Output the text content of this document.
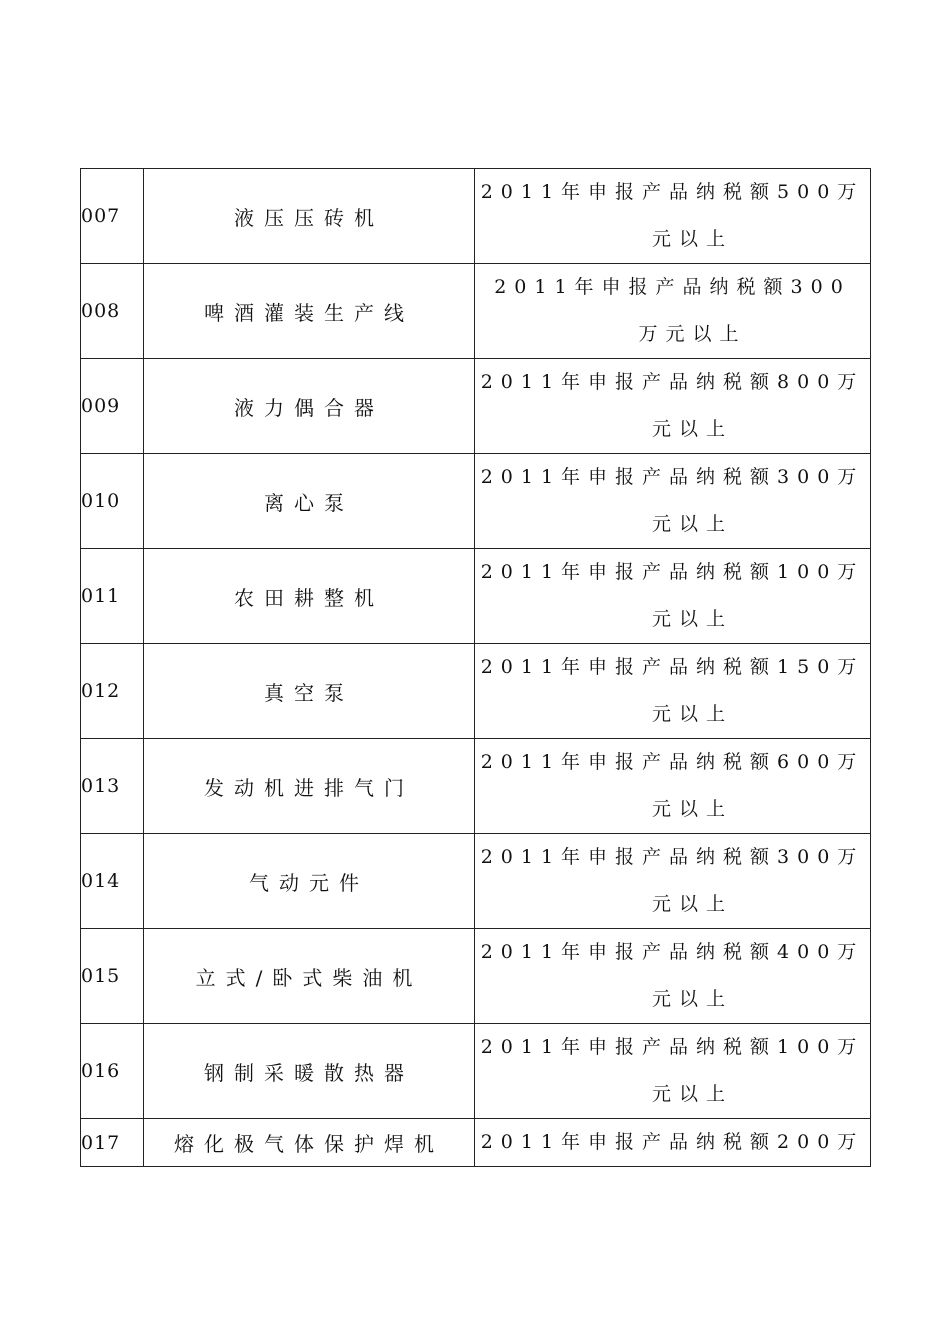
007	液压压砖机	2011年申报产品纳税额500万
元以上

008	啤酒灌装生产线	2011年申报产品纳税额300
万元以上

009	液力偶合器	2011年申报产品纳税额800万
元以上

010	离心泵	2011年申报产品纳税额300万
元以上

011	农田耕整机	2011年申报产品纳税额100万
元以上

012	真空泵	2011年申报产品纳税额150万
元以上

013	发动机进排气门	2011年申报产品纳税额600万
元以上

014	气动元件	2011年申报产品纳税额300万
元以上

015	立式/卧式柴油机	2011年申报产品纳税额400万
元以上

016	钢制采暖散热器	2011年申报产品纳税额100万
元以上

017	熔化极气体保护焊机	2011年申报产品纳税额200万
